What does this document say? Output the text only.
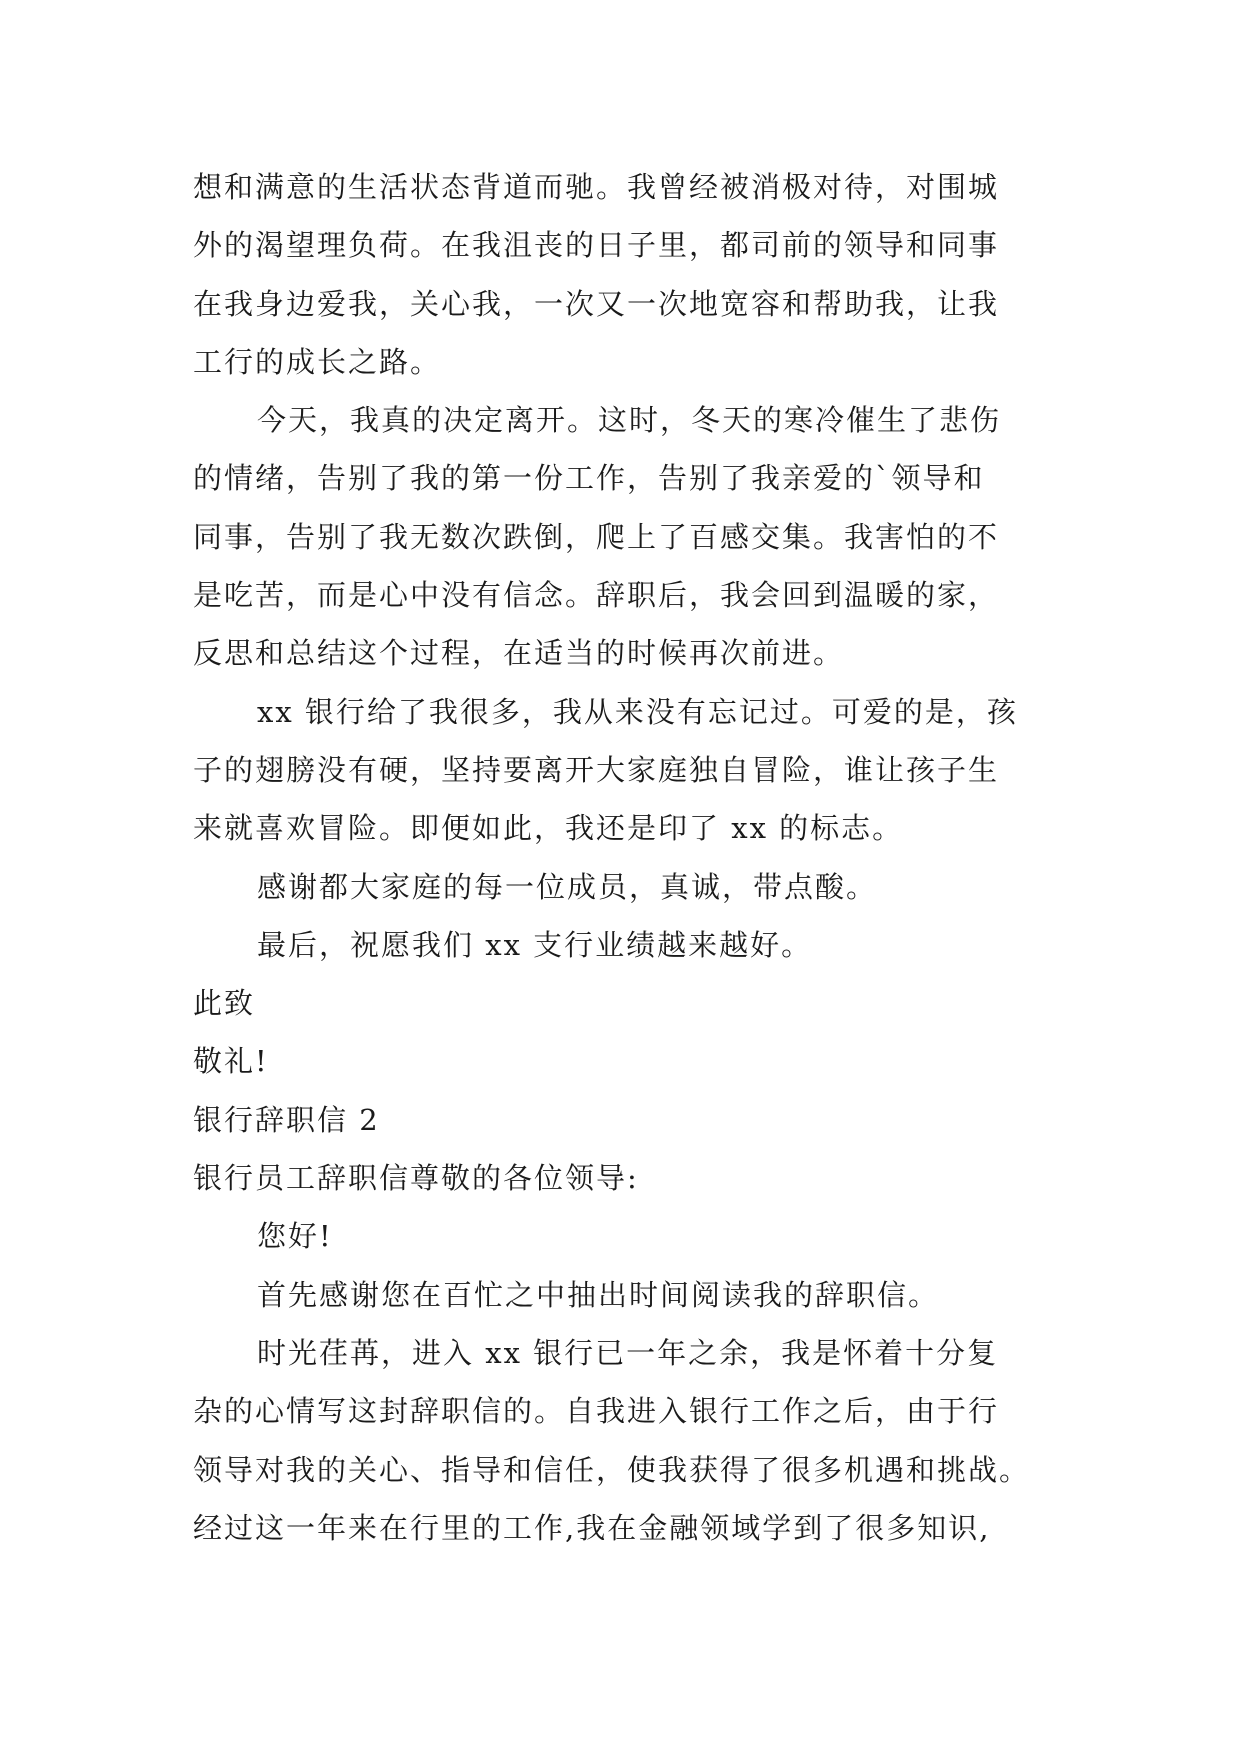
想和满意的生活状态背道而驰。我曾经被消极对待，对围城
外的渴望理负荷。在我沮丧的日子里，都司前的领导和同事
在我身边爱我，关心我，一次又一次地宽容和帮助我，让我
工行的成长之路。
今天，我真的决定离开。这时，冬天的寒冷催生了悲伤
的情绪，告别了我的第一份工作，告别了我亲爱的`领导和
同事，告别了我无数次跌倒，爬上了百感交集。我害怕的不
是吃苦，而是心中没有信念。辞职后，我会回到温暖的家，
反思和总结这个过程，在适当的时候再次前进。
xx 银行给了我很多，我从来没有忘记过。可爱的是，孩
子的翅膀没有硬，坚持要离开大家庭独自冒险，谁让孩子生
来就喜欢冒险。即便如此，我还是印了 xx 的标志。
感谢都大家庭的每一位成员，真诚，带点酸。
最后，祝愿我们 xx 支行业绩越来越好。
此致
敬礼!
银行辞职信 2
银行员工辞职信尊敬的各位领导:
您好!
首先感谢您在百忙之中抽出时间阅读我的辞职信。
时光荏苒，进入 xx 银行已一年之余，我是怀着十分复
杂的心情写这封辞职信的。自我进入银行工作之后，由于行
领导对我的关心、指导和信任，使我获得了很多机遇和挑战。
经过这一年来在行里的工作,我在金融领域学到了很多知识,
